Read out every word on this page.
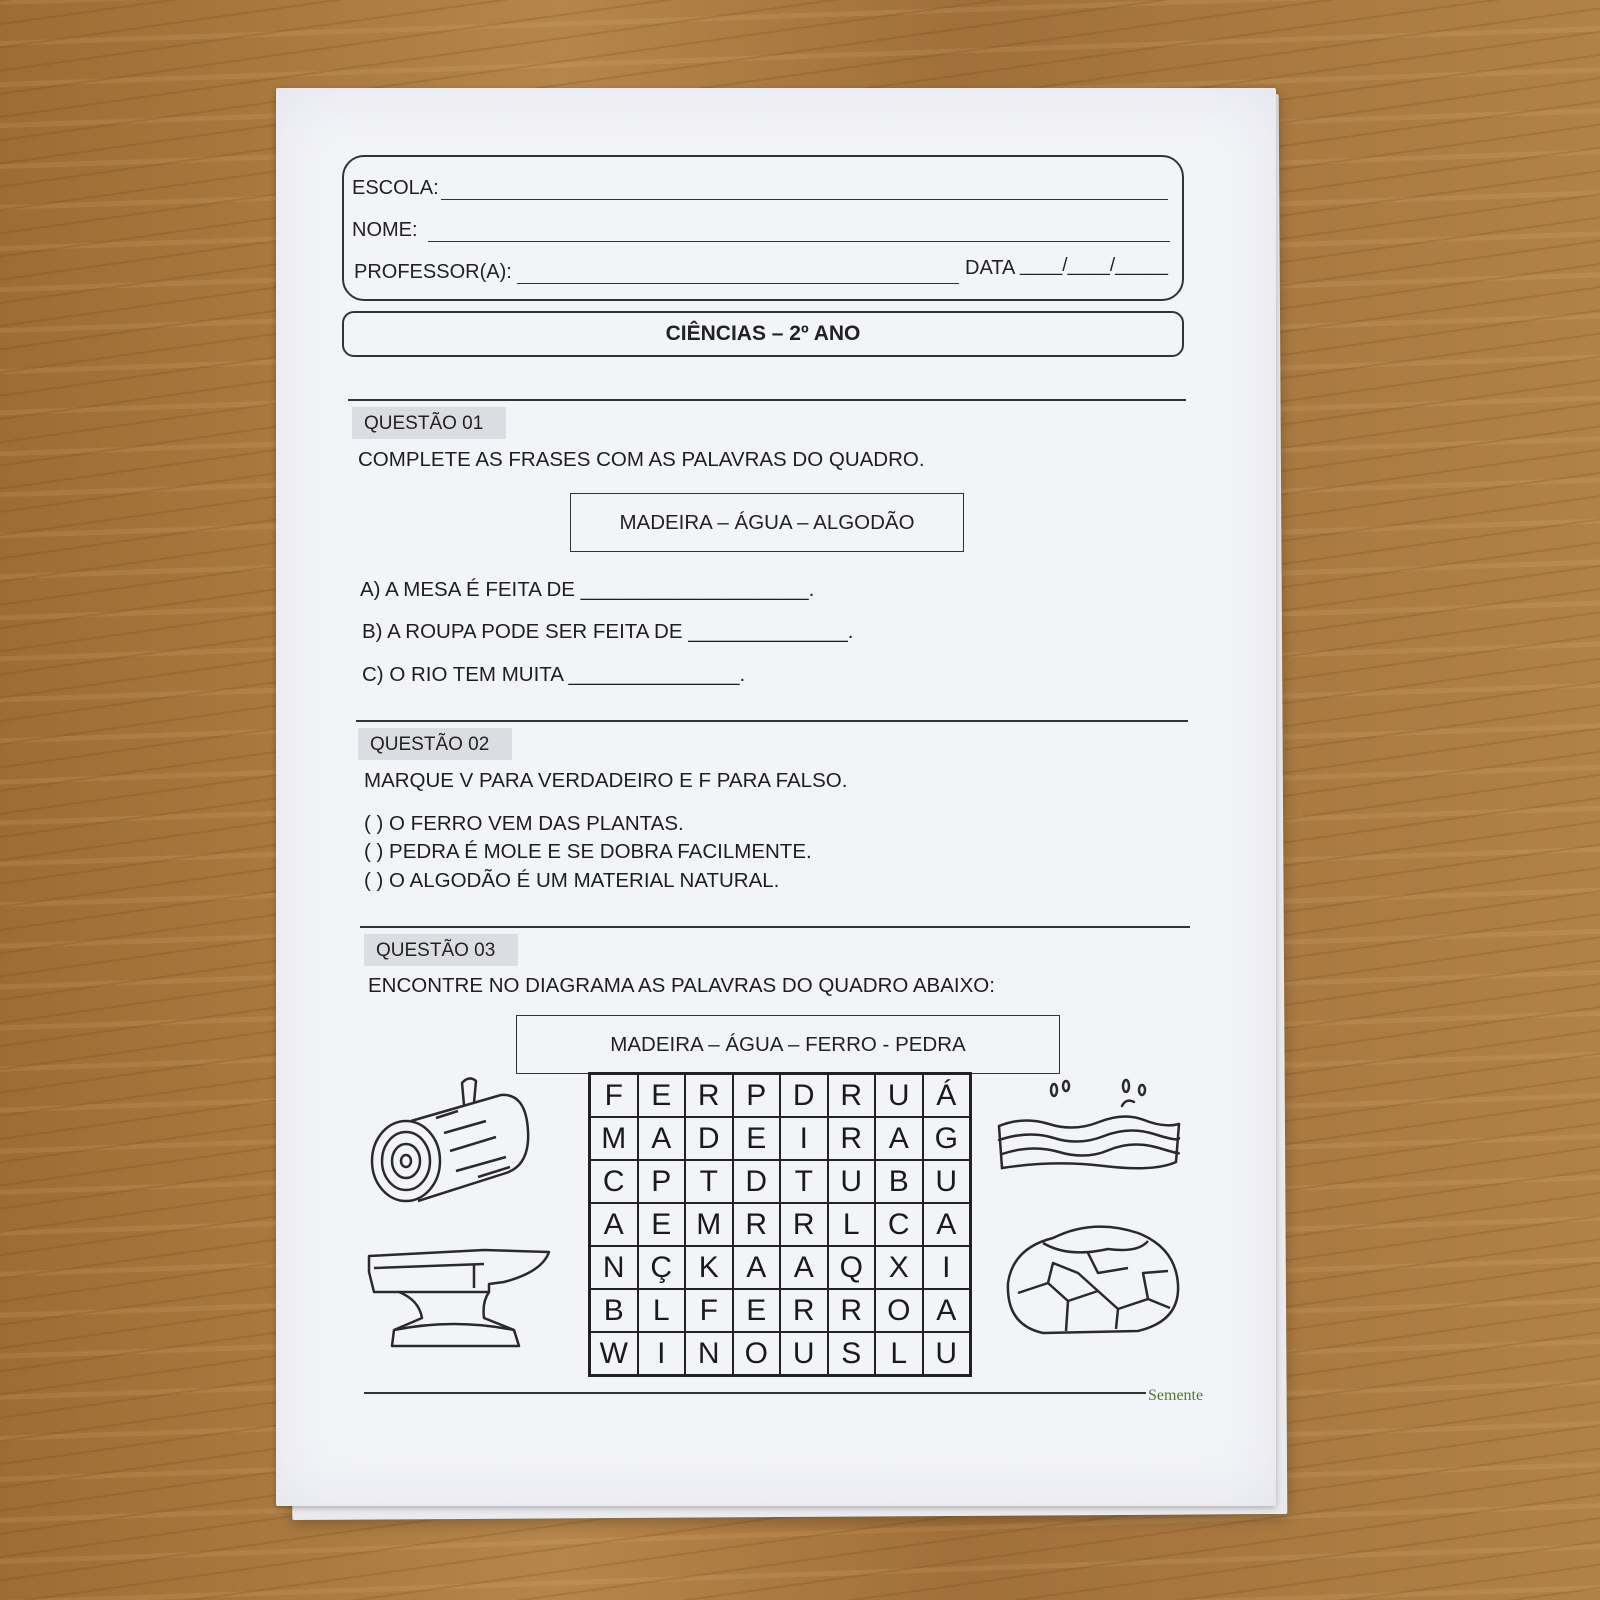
ESCOLA:
NOME:
PROFESSOR(A):	DATA ____/____/_____
CIÊNCIAS – 2º ANO
QUESTÃO 01
COMPLETE AS FRASES COM AS PALAVRAS DO QUADRO.
MADEIRA – ÁGUA – ALGODÃO
A) A MESA É FEITA DE ____________________.
B) A ROUPA PODE SER FEITA DE ______________.
C) O RIO TEM MUITA _______________.
QUESTÃO 02
MARQUE V PARA VERDADEIRO E F PARA FALSO.
( ) O FERRO VEM DAS PLANTAS.
( ) PEDRA É MOLE E SE DOBRA FACILMENTE.
( ) O ALGODÃO É UM MATERIAL NATURAL.
QUESTÃO 03
ENCONTRE NO DIAGRAMA AS PALAVRAS DO QUADRO ABAIXO:
MADEIRA – ÁGUA – FERRO - PEDRA
F E R P D R U Á
M A D E	I	R A G
C P T D T U B U
A E M R R L C A
N Ç K A A Q X	I
B L F E R R O A
W I	N O U S L U
Semente
